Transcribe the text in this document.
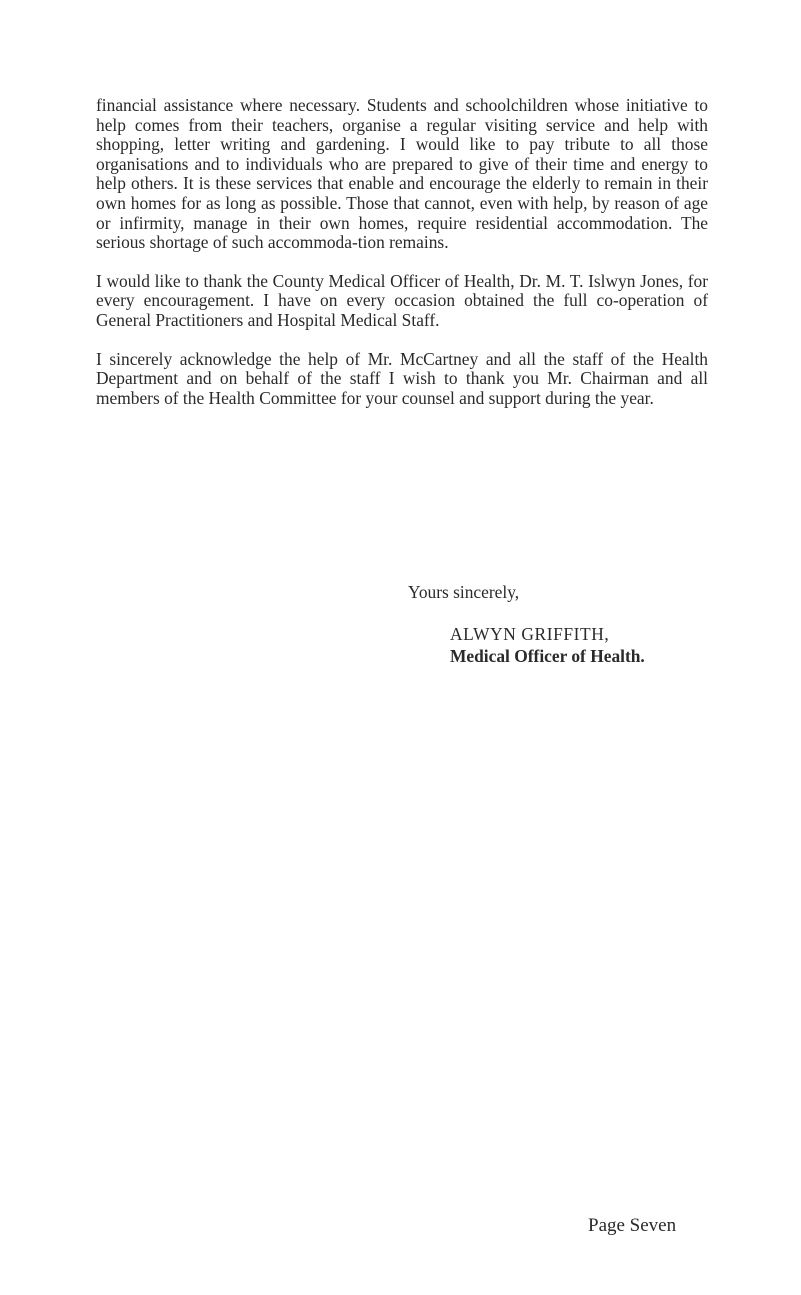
financial assistance where necessary. Students and schoolchildren whose initiative to help comes from their teachers, organise a regular visiting service and help with shopping, letter writing and gardening. I would like to pay tribute to all those organisations and to individuals who are prepared to give of their time and energy to help others. It is these services that enable and encourage the elderly to remain in their own homes for as long as possible. Those that cannot, even with help, by reason of age or infirmity, manage in their own homes, require residential accommodation. The serious shortage of such accommoda-tion remains.

I would like to thank the County Medical Officer of Health, Dr. M. T. Islwyn Jones, for every encouragement. I have on every occasion obtained the full co-operation of General Practitioners and Hospital Medical Staff.

I sincerely acknowledge the help of Mr. McCartney and all the staff of the Health Department and on behalf of the staff I wish to thank you Mr. Chairman and all members of the Health Committee for your counsel and support during the year.

Yours sincerely,
ALWYN GRIFFITH,
Medical Officer of Health.
Page Seven
